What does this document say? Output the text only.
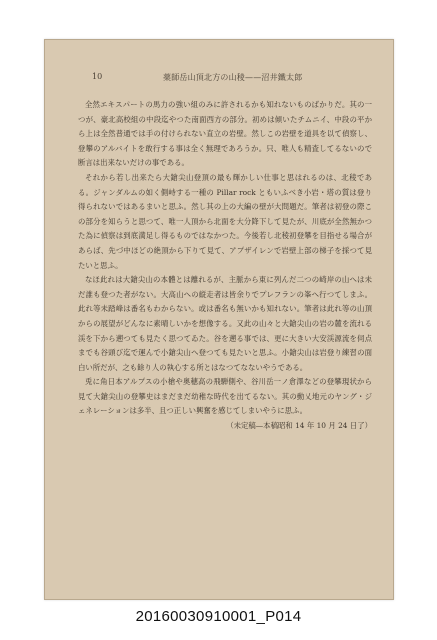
10	薬師岳山頂北方の山稜——沼井鐵太郎

全然エキスパートの馬力の強い組のみに許されるかも知れないものばかりだ。其の一つが、豪北高校組の中段迄やつた南面西方の部分。初めは傾いたチムニイ、中段の平から上は全然普通では手の付けられない直立の岩壁。然しこの岩壁を道具を以て偵察し、登攀のアルバイトを敢行する事は全く無理であろうか。只、唯人も精査してるないので断言は出来ないだけの事である。

それから若し出来たら大鎗尖山登頂の最も輝かしい仕事と思はれるのは、北稜である。ジャンダルムの如く側峙する一種の Pillar rock ともいふべき小岩・塔の質は登り得られないではあるまいと思ふ。然し其の上の大編の壁が大問題だ。筆者は初登の際この部分を知らうと思つて、唯一人頂から北面を大分降下して見たが、川底が全然無かつた為に偵察は到底満足し得るものではなかつた。今後若し北稜初登攀を目指せる場合があらば、先づ中ほどの絶頂から下りて見て、アプザイレンで岩壁上部の梯子を採つて見たいと思ふ。

なほ此れは大鎗尖山の本體とは離れるが、主脈から東に列んだ二つの崎岸の山へは未だ誰も登つた者がない。大高山への縦走者は皆余りでプレフランの峯へ行つてしまふ。此れ等未踏峰は番名もわからない。或は番名も無いかも知れない。筆者は此れ等の山頂からの展望がどんなに素晴しいかを想像する。又此の山々と大鎗尖山の岩の麓を流れる渓を下から遡つても見たく思つてゐた。谷を遡る事では、更に大きい大安渓源流を伺点までも谷頭び迄で運んで小鎗尖山へ登つても見たいと思ふ。小鎗尖山は岩登り練習の面白い所だが、之も餘り人の執心する所とはなつてなないやうである。

兎に角日本アルプスの小槍や奥穂高の飛騨側や、谷川岳一ノ倉澤などの登攀現状から見て大鎗尖山の登攀史はまだまだ幼稚な時代を出てるない。其の動乂地元のヤング・ジェネレーションは多半、且つ正しい興奮を感じてしまいやうに思ふ。
（未定稿—本稿昭和 14 年 10 月 24 日了）

20160030910001_P014
